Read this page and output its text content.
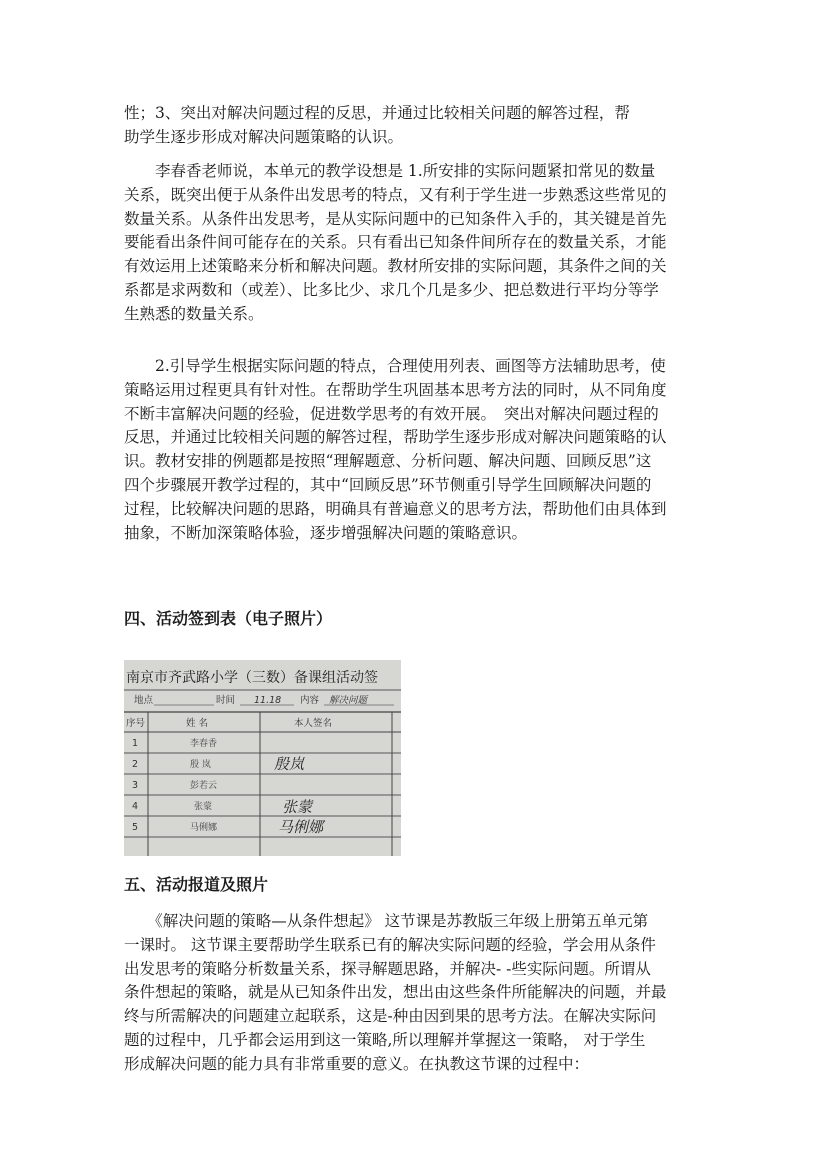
性；3、突出对解决问题过程的反思，并通过比较相关问题的解答过程，帮
助学生逐步形成对解决问题策略的认识。
　　李春香老师说，本单元的教学设想是 1.所安排的实际问题紧扣常见的数量
关系，既突出便于从条件出发思考的特点，又有利于学生进一步熟悉这些常见的
数量关系。从条件出发思考，是从实际问题中的已知条件入手的，其关键是首先
要能看出条件间可能存在的关系。只有看出已知条件间所存在的数量关系，才能
有效运用上述策略来分析和解决问题。教材所安排的实际问题，其条件之间的关
系都是求两数和（或差）、比多比少、求几个几是多少、把总数进行平均分等学
生熟悉的数量关系。
　　2.引导学生根据实际问题的特点，合理使用列表、画图等方法辅助思考，使
策略运用过程更具有针对性。在帮助学生巩固基本思考方法的同时，从不同角度
不断丰富解决问题的经验，促进数学思考的有效开展。　突出对解决问题过程的
反思，并通过比较相关问题的解答过程，帮助学生逐步形成对解决问题策略的认
识。教材安排的例题都是按照“理解题意、分析问题、解决问题、回顾反思”这
四个步骤展开教学过程的，其中“回顾反思”环节侧重引导学生回顾解决问题的
过程，比较解决问题的思路，明确具有普遍意义的思考方法，帮助他们由具体到
抽象，不断加深策略体验，逐步增强解决问题的策略意识。
四、活动签到表（电子照片）
南京市齐武路小学（三数）备课组活动签
地点	时间 11.18 内容 解决问题
序号	姓 名	本人签名
1	李春香
2	殷 岚	殷岚
3	彭若云
4	张蒙	张蒙
5	马俐娜	马俐娜
五、活动报道及照片
　　《解决问题的策略—从条件想起》 这节课是苏教版三年级上册第五单元第
一课时。 这节课主要帮助学生联系已有的解决实际问题的经验，学会用从条件
出发思考的策略分析数量关系，探寻解题思路，并解决- -些实际问题。所谓从
条件想起的策略，就是从已知条件出发，想出由这些条件所能解决的问题，并最
终与所需解决的问题建立起联系，这是-种由因到果的思考方法。在解决实际问
题的过程中，几乎都会运用到这一策略,所以理解并掌握这一策略， 对于学生
形成解决问题的能力具有非常重要的意义。在执教这节课的过程中：
